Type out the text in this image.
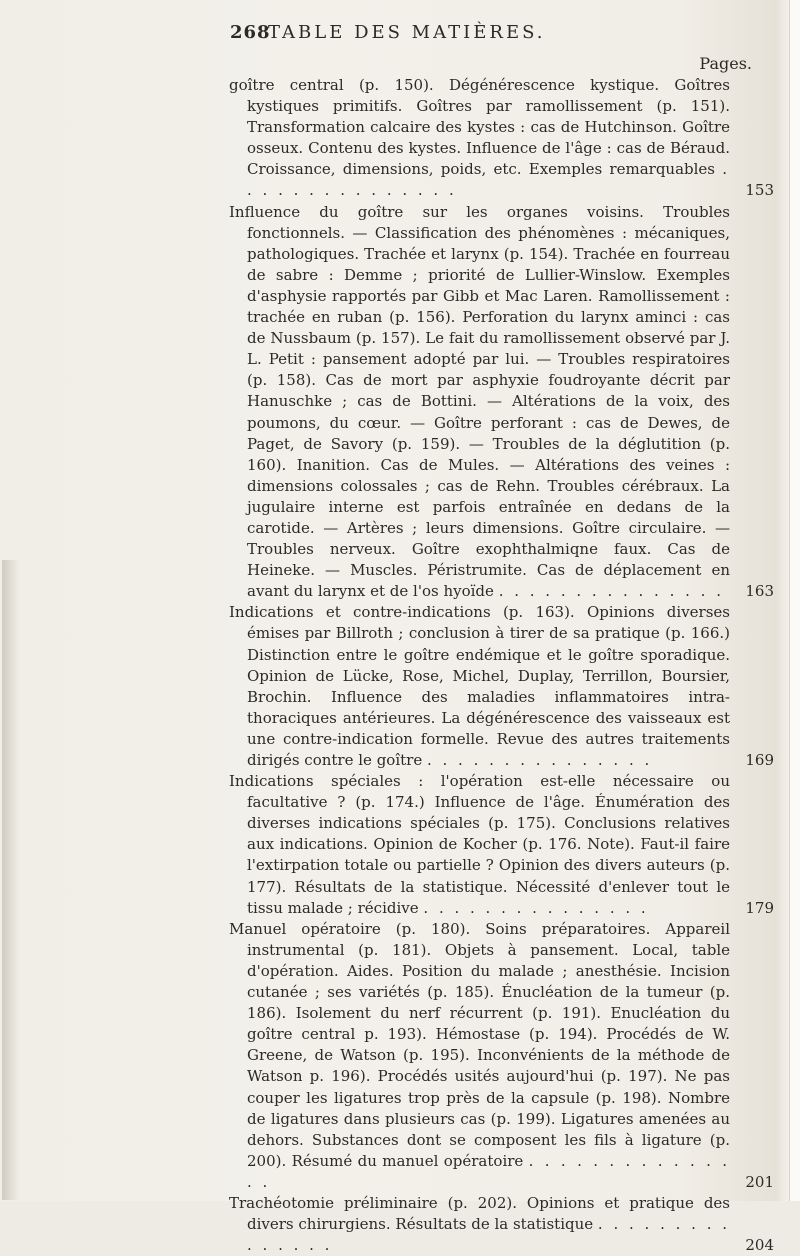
268
TABLE DES MATIÈRES.
Pages.

goître central (p. 150). Dégénérescence kystique. Goîtres kystiques primitifs. Goîtres par ramollissement (p. 151). Transformation calcaire des kystes : cas de Hutchinson. Goître osseux. Contenu des kystes. Influence de l'âge : cas de Béraud. Croissance, dimensions, poids, etc. Exemples remarquables . . . . . . . . . . . . . . .	153

Influence du goître sur les organes voisins. Troubles fonctionnels. — Classification des phénomènes : mécaniques, pathologiques. Trachée et larynx (p. 154). Trachée en fourreau de sabre : Demme ; priorité de Lullier-Winslow. Exemples d'asphysie rapportés par Gibb et Mac Laren. Ramollissement : trachée en ruban (p. 156). Perforation du larynx aminci : cas de Nussbaum (p. 157). Le fait du ramollissement observé par J. L. Petit : pansement adopté par lui. — Troubles respiratoires (p. 158). Cas de mort par asphyxie foudroyante décrit par Hanuschke ; cas de Bottini. — Altérations de la voix, des poumons, du cœur. — Goître perforant : cas de Dewes, de Paget, de Savory (p. 159). — Troubles de la déglutition (p. 160). Inanition. Cas de Mules. — Altérations des veines : dimensions colossales ; cas de Rehn. Troubles cérébraux. La jugulaire interne est parfois entraînée en dedans de la carotide. — Artères ; leurs dimensions. Goître circulaire. — Troubles nerveux. Goître exophthalmiqne faux. Cas de Heineke. — Muscles. Péristrumite. Cas de déplacement en avant du larynx et de l'os hyoïde . . . . . . . . . . . . . . . 163

Indications et contre-indications (p. 163). Opinions diverses émises par Billroth ; conclusion à tirer de sa pratique (p. 166.) Distinction entre le goître endémique et le goître sporadique. Opinion de Lücke, Rose, Michel, Duplay, Terrillon, Boursier, Brochin. Influence des maladies inflammatoires intra-thoraciques antérieures. La dégénérescence des vaisseaux est une contre-indication formelle. Revue des autres traitements dirigés contre le goître . . . . . . . . . . . . . . .	169

Indications spéciales : l'opération est-elle nécessaire ou facultative ? (p. 174.) Influence de l'âge. Énumération des diverses indications spéciales (p. 175). Conclusions relatives aux indications. Opinion de Kocher (p. 176. Note). Faut-il faire l'extirpation totale ou partielle ? Opinion des divers auteurs (p. 177). Résultats de la statistique. Nécessité d'enlever tout le tissu malade ; récidive . . . . . . . . . . . . . . .	179

Manuel opératoire (p. 180). Soins préparatoires. Appareil instrumental (p. 181). Objets à pansement. Local, table d'opération. Aides. Position du malade ; anesthésie. Incision cutanée ; ses variétés (p. 185). Énucléation de la tumeur (p. 186). Isolement du nerf récurrent (p. 191). Enucléation du goître central p. 193). Hémostase (p. 194). Procédés de W. Greene, de Watson (p. 195). Inconvénients de la méthode de Watson p. 196). Procédés usités aujourd'hui (p. 197). Ne pas couper les ligatures trop près de la capsule (p. 198). Nombre de ligatures dans plusieurs cas (p. 199). Ligatures amenées au dehors. Substances dont se composent les fils à ligature (p. 200). Résumé du manuel opératoire . . . . . . . . . . . . . . .	201

Trachéotomie préliminaire (p. 202). Opinions et pratique des divers chirurgiens. Résultats de la statistique . . . . . . . . . . . . . . .	204
